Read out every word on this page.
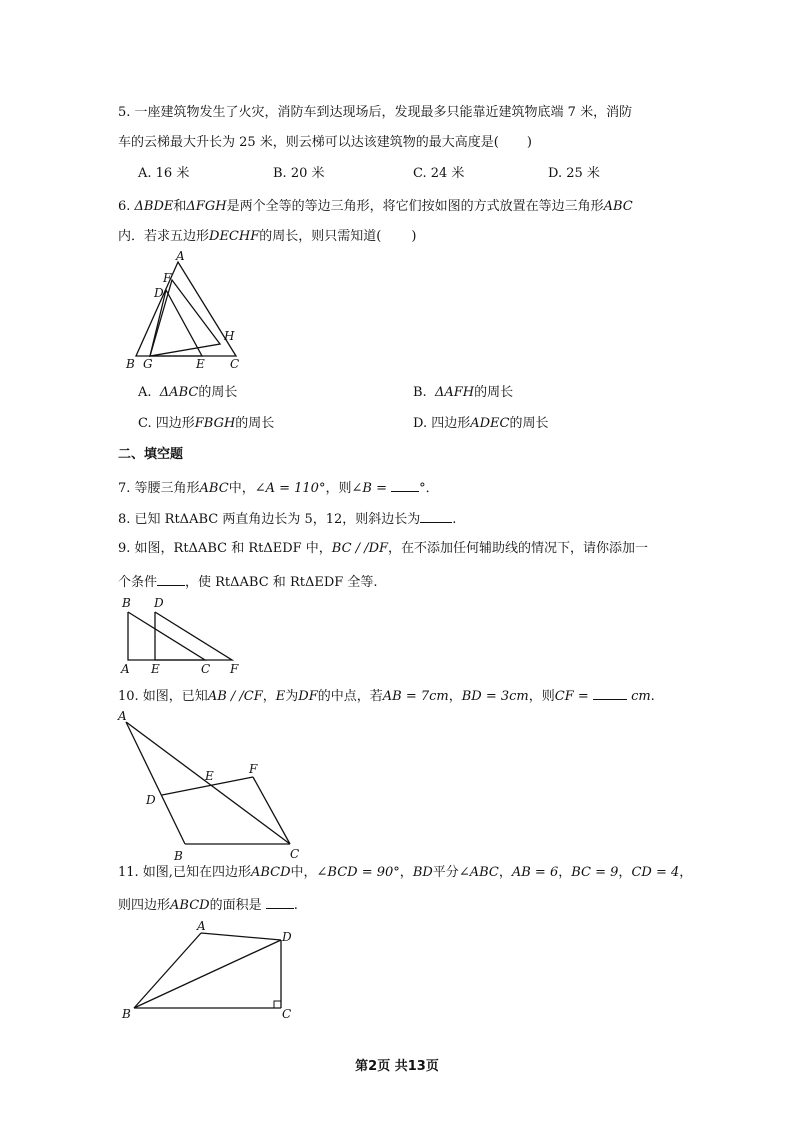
5. 一座建筑物发生了火灾，消防车到达现场后，发现最多只能靠近建筑物底端 7 米，消防
车的云梯最大升长为 25 米，则云梯可以达该建筑物的最大高度是( )
A. 16 米	B. 20 米	C. 24 米	D. 25 米
6. ΔBDE和ΔFGH是两个全等的等边三角形，将它们按如图的方式放置在等边三角形ABC
内．若求五边形DECHF的周长，则只需知道( )
A
F
D
H
B G	E C
A. ΔABC的周长	B. ΔAFH的周长
C. 四边形FBGH的周长	D. 四边形ADEC的周长
二、填空题
7. 等腰三角形ABC中，∠A = 110°，则∠B = °．
8. 已知 RtΔABC 两直角边长为 5，12，则斜边长为 .
9. 如图，RtΔABC 和 RtΔEDF 中，BC / /DF，在不添加任何辅助线的情况下，请你添加一
个条件 ，使 RtΔABC 和 RtΔEDF 全等.
B D
A E	C F
10. 如图，已知AB / /CF，E为DF的中点，若AB = 7cm，BD = 3cm，则CF =	cm.
A
E	F
D
B	C
11. 如图,已知在四边形ABCD中，∠BCD = 90°，BD平分∠ABC，AB = 6，BC = 9，CD = 4，
则四边形ABCD的面积是 .
A
D
B	C
第2页 共13页
